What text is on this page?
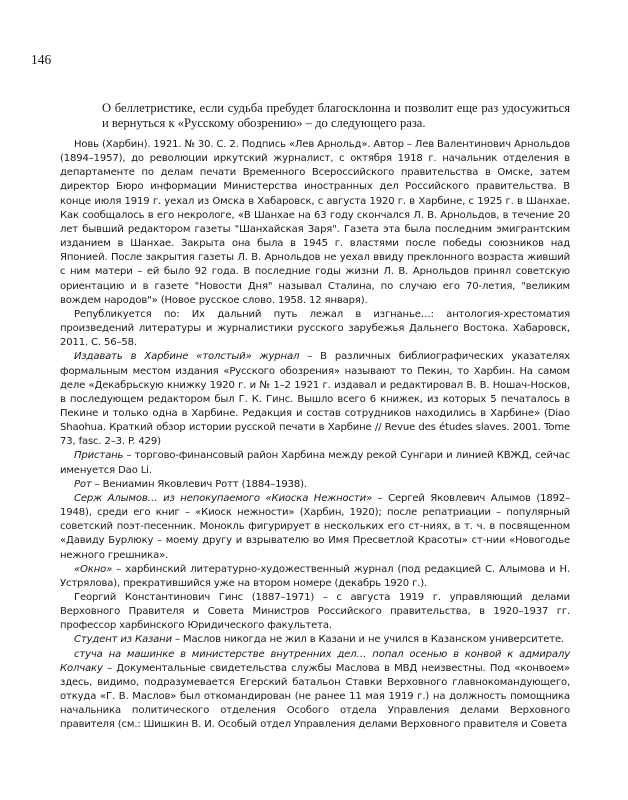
146
О беллетристике, если судьба пребудет благосклонна и позволит еще раз удосужиться и вернуться к «Русскому обозрению» – до следующего раза.

Новь (Харбин). 1921. № 30. С. 2. Подпись «Лев Арнольд». Автор – Лев Валентинович Арнольдов (1894–1957), до революции иркутский журналист, с октября 1918 г. начальник отделения в департаменте по делам печати Временного Всероссийского правительства в Омске, затем директор Бюро информации Министерства иностранных дел Российского правительства. В конце июля 1919 г. уехал из Омска в Хабаровск, с августа 1920 г. в Харбине, с 1925 г. в Шанхае. Как сообщалось в его некрологе, «В Шанхае на 63 году скончался Л. В. Арнольдов, в течение 20 лет бывший редактором газеты "Шанхайская Заря". Газета эта была последним эмигрантским изданием в Шанхае. Закрыта она была в 1945 г. властями после победы союзников над Японией. После закрытия газеты Л. В. Арнольдов не уехал ввиду преклонного возраста живший с ним матери – ей было 92 года. В последние годы жизни Л. В. Арнольдов принял советскую ориентацию и в газете "Новости Дня" называл Сталина, по случаю его 70-летия, "великим вождем народов"» (Новое русское слово. 1958. 12 января).

Републикуется по: Их дальний путь лежал в изгнанье…: антология-хрестоматия произведений литературы и журналистики русского зарубежья Дальнего Востока. Хабаровск, 2011. С. 56–58.

Издавать в Харбине «толстый» журнал – В различных библиографических указателях формальным местом издания «Русского обозрения» называют то Пекин, то Харбин. На самом деле «Декабрьскую книжку 1920 г. и № 1–2 1921 г. издавал и редактировал В. В. Ношач-Носков, в последующем редактором был Г. К. Гинс. Вышло всего 6 книжек, из которых 5 печаталось в Пекине и только одна в Харбине. Редакция и состав сотрудников находились в Харбине» (Diao Shaohua. Краткий обзор истории русской печати в Харбине // Revue des études slaves. 2001. Tome 73, fasc. 2–3. P. 429)

Пристань – торгово-финансовый район Харбина между рекой Сунгари и линией КВЖД, сейчас именуется Dao Li.

Рот – Вениамин Яковлевич Ротт (1884–1938).

Серж Алымов… из непокупаемого «Киоска Нежности» – Сергей Яковлевич Алымов (1892–1948), среди его книг – «Киоск нежности» (Харбин, 1920); после репатриации – популярный советский поэт-песенник. Монокль фигурирует в нескольких его ст-ниях, в т. ч. в посвященном «Давиду Бурлюку – моему другу и взрывателю во Имя Пресветлой Красоты» ст-нии «Новогодье нежного грешника».

«Окно» – харбинский литературно-художественный журнал (под редакцией С. Алымова и Н. Устрялова), прекратившийся уже на втором номере (декабрь 1920 г.).

Георгий Константинович Гинс (1887–1971) – с августа 1919 г. управляющий делами Верховного Правителя и Совета Министров Российского правительства, в 1920–1937 гг. профессор харбинского Юридического факультета.

Студент из Казани – Маслов никогда не жил в Казани и не учился в Казанском университете.

стуча на машинке в министерстве внутренних дел… попал осенью в конвой к адмиралу Колчаку – Документальные свидетельства службы Маслова в МВД неизвестны. Под «конвоем» здесь, видимо, подразумевается Егерский батальон Ставки Верховного главнокомандующего, откуда «Г. В. Маслов» был откомандирован (не ранее 11 мая 1919 г.) на должность помощника начальника политического отделения Особого отдела Управления делами Верховного правителя (см.: Шишкин В. И. Особый отдел Управления делами Верховного правителя и Совета
